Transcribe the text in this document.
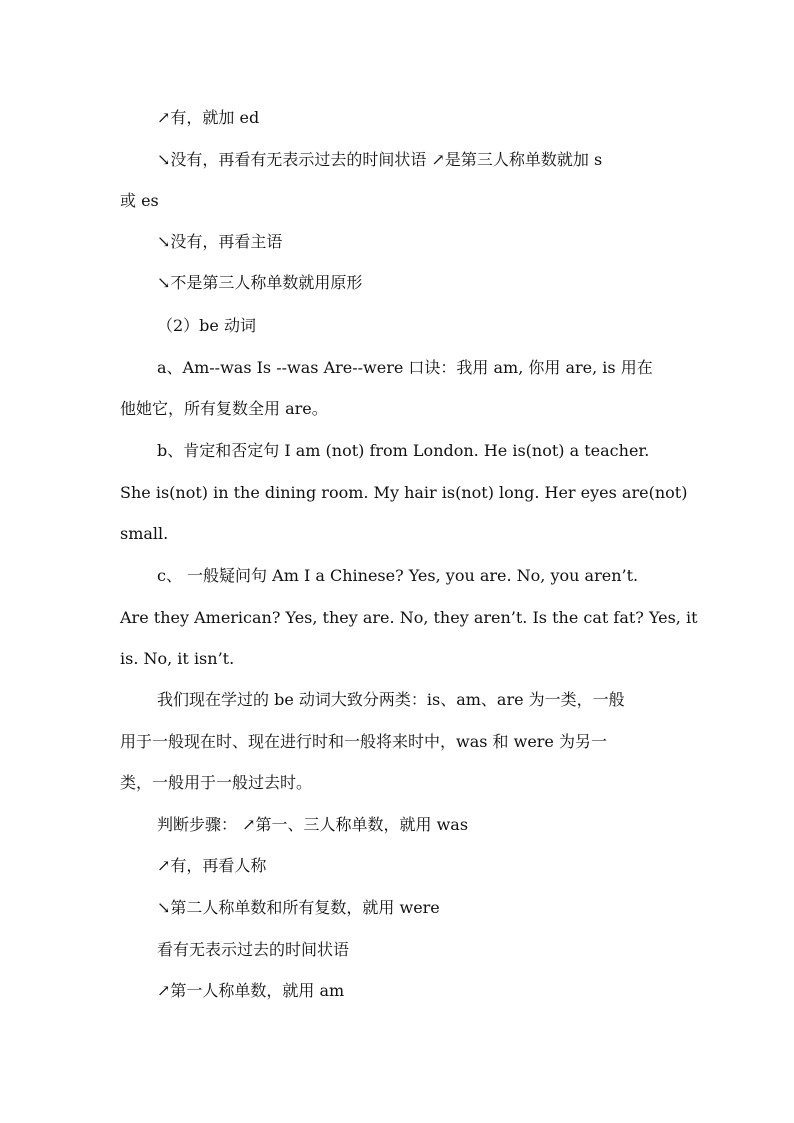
↗有，就加 ed
↘没有，再看有无表示过去的时间状语 ↗是第三人称单数就加 s
或 es
↘没有，再看主语
↘不是第三人称单数就用原形
（2）be 动词
a、Am--was Is --was Are--were 口诀：我用 am, 你用 are, is 用在
他她它，所有复数全用 are。
b、肯定和否定句 I am (not) from London. He is(not) a teacher.
She is(not) in the dining room. My hair is(not) long. Her eyes are(not)
small.
c、 一般疑问句 Am I a Chinese? Yes, you are. No, you aren’t.
Are they American? Yes, they are. No, they aren’t. Is the cat fat? Yes, it
is. No, it isn’t.
我们现在学过的 be 动词大致分两类：is、am、are 为一类，一般
用于一般现在时、现在进行时和一般将来时中，was 和 were 为另一
类，一般用于一般过去时。
判断步骤： ↗第一、三人称单数，就用 was
↗有，再看人称
↘第二人称单数和所有复数，就用 were
看有无表示过去的时间状语
↗第一人称单数，就用 am
